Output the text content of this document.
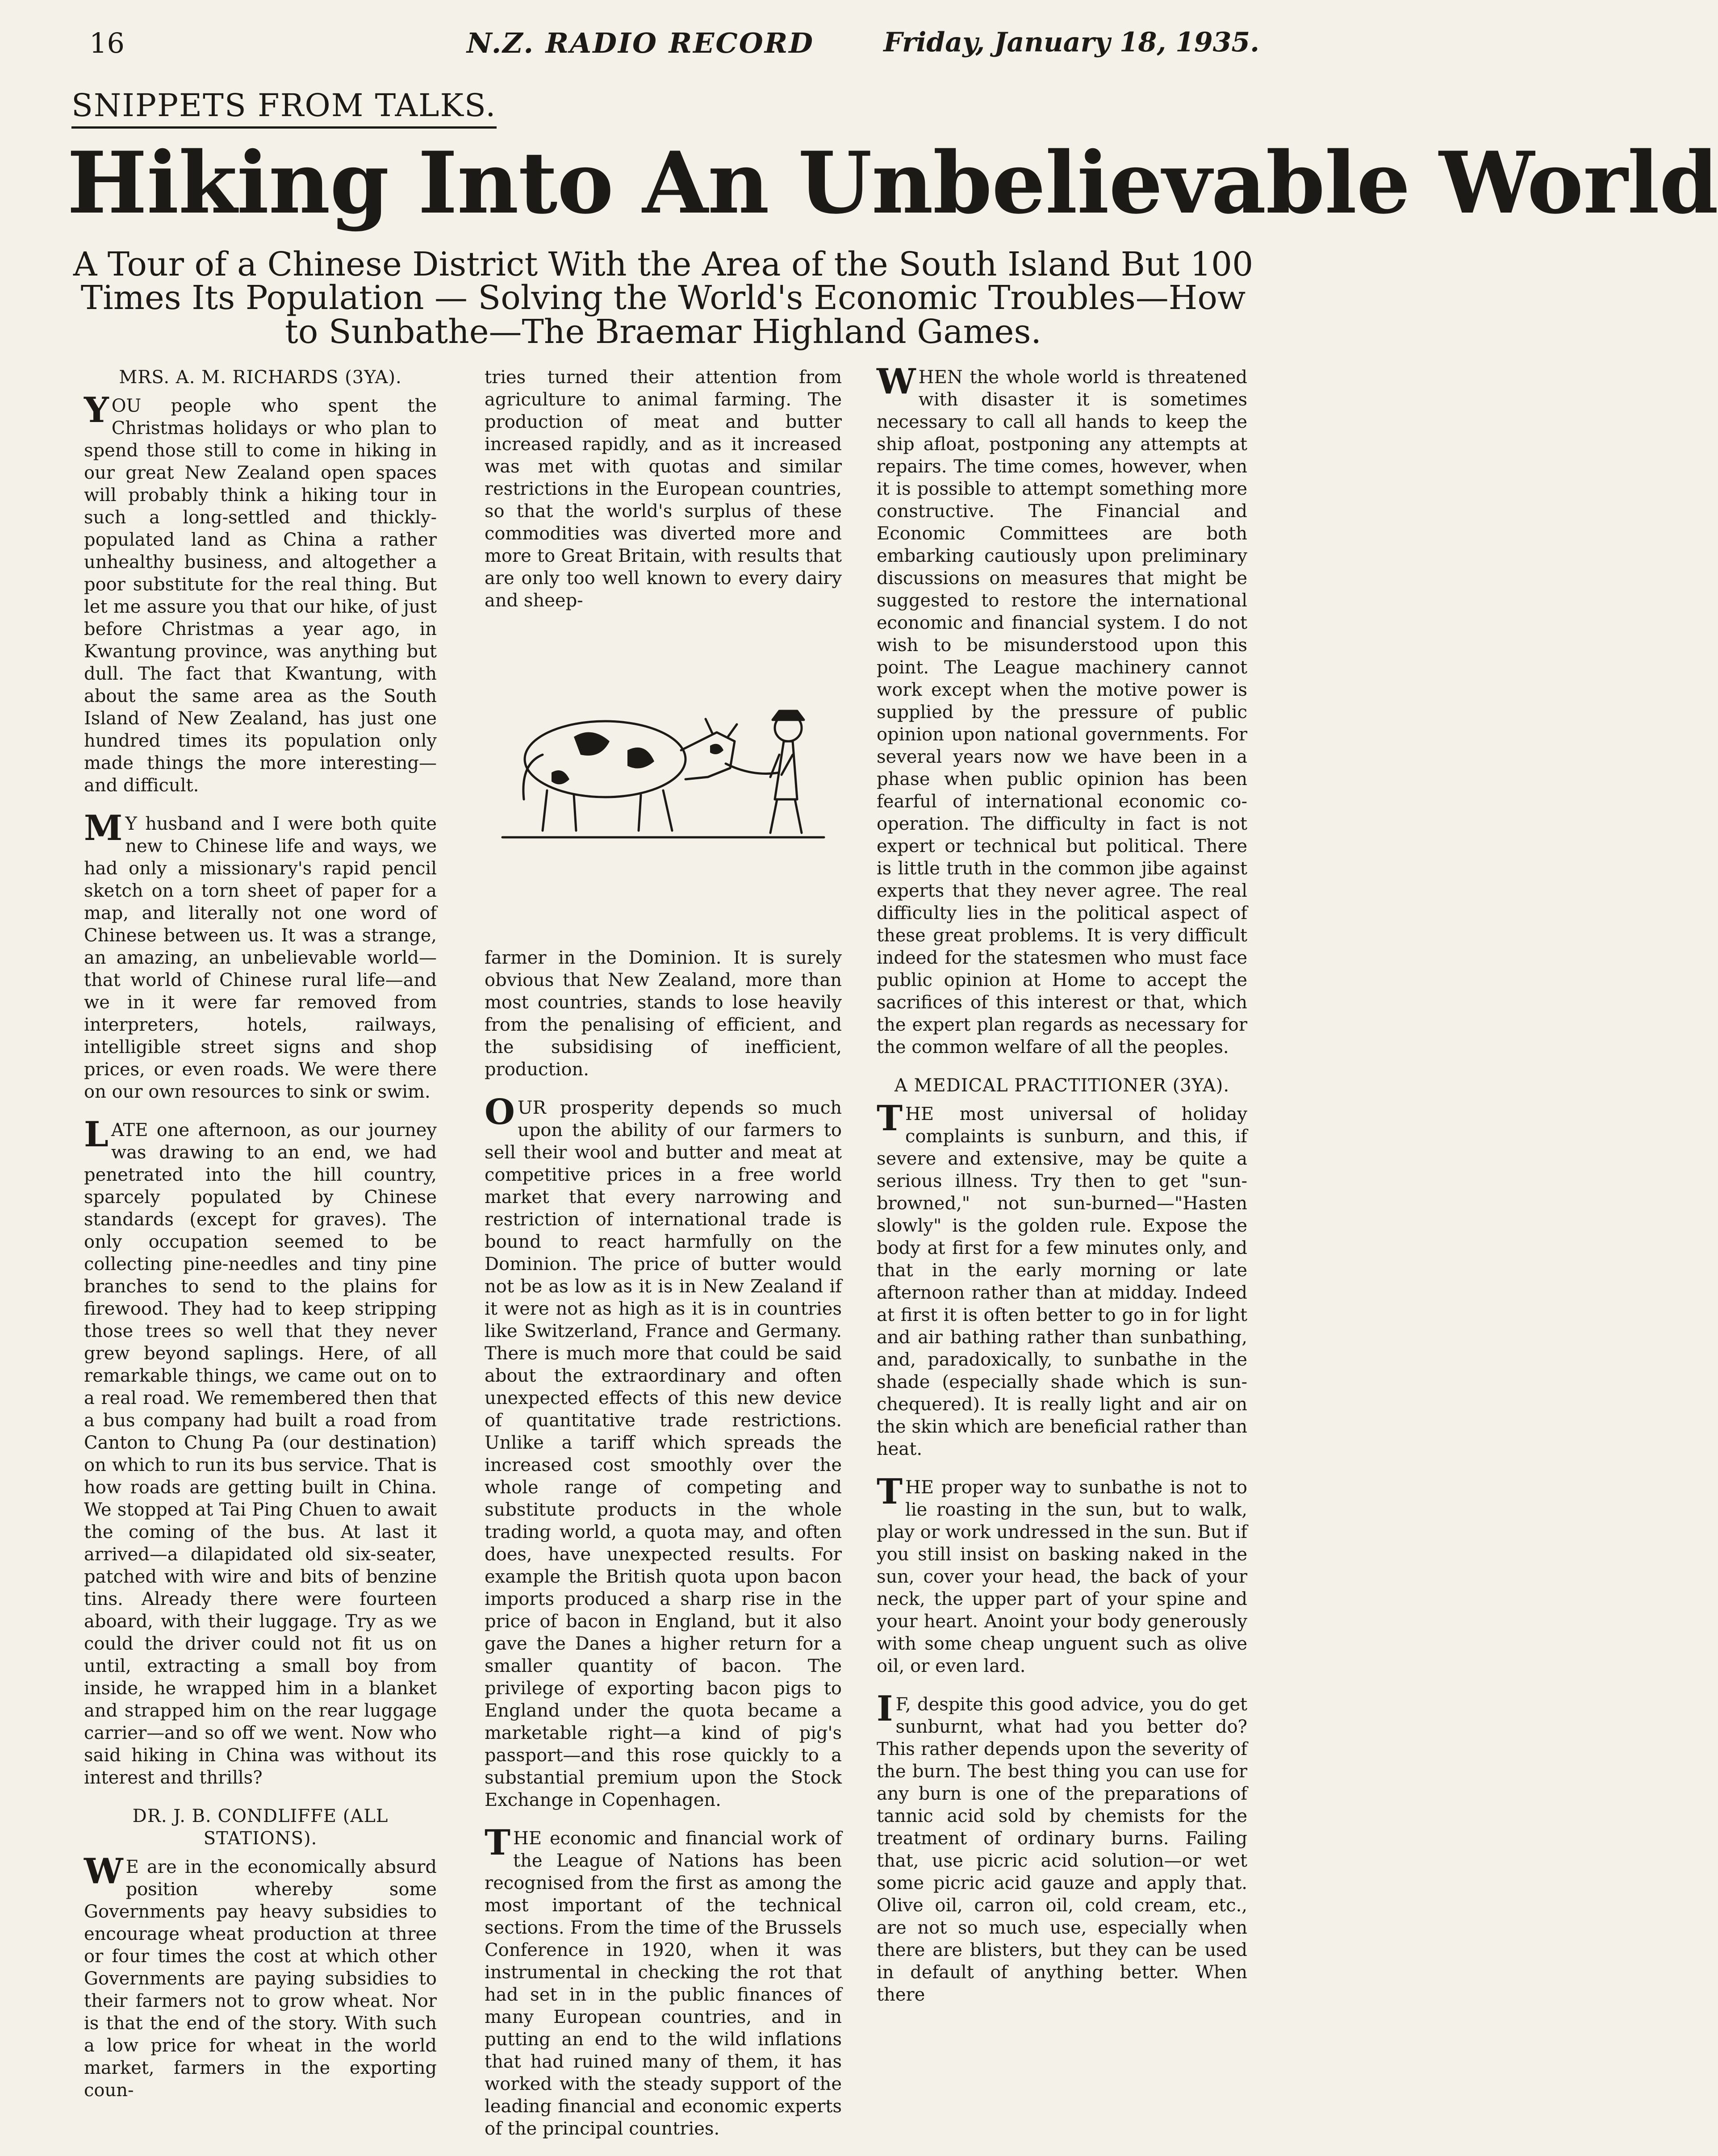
16	N.Z. RADIO RECORD	Friday, January 18, 1935.
SNIPPETS FROM TALKS.
Hiking Into An Unbelievable World
A Tour of a Chinese District With the Area of the South Island But 100 Times Its Population — Solving the World's Economic Troubles—How to Sunbathe—The Braemar Highland Games.
MRS. A. M. RICHARDS (3YA).

YOU people who spent the Christmas holidays or who plan to spend those still to come in hiking in our great New Zealand open spaces will probably think a hiking tour in such a long-settled and thickly-populated land as China a rather unhealthy business, and altogether a poor substitute for the real thing. But let me assure you that our hike, of just before Christmas a year ago, in Kwantung province, was anything but dull. The fact that Kwantung, with about the same area as the South Island of New Zealand, has just one hundred times its population only made things the more interesting—and difficult.

M Y husband and I were both quite new to Chinese life and ways, we had only a missionary's rapid pencil sketch on a torn sheet of paper for a map, and literally not one word of Chinese between us. It was a strange, an amazing, an unbelievable world—that world of Chinese rural life—and we in it were far removed from interpreters, hotels, railways, intelligible street signs and shop prices, or even roads. We were there on our own resources to sink or swim.

LATE one afternoon, as our journey was drawing to an end, we had penetrated into the hill country, sparcely populated by Chinese standards (except for graves). The only occupation seemed to be collecting pine-needles and tiny pine branches to send to the plains for firewood. They had to keep stripping those trees so well that they never grew beyond saplings. Here, of all remarkable things, we came out on to a real road. We remembered then that a bus company had built a road from Canton to Chung Pa (our destination) on which to run its bus service. That is how roads are getting built in China. We stopped at Tai Ping Chuen to await the coming of the bus. At last it arrived—a dilapidated old six-seater, patched with wire and bits of benzine tins. Already there were fourteen aboard, with their luggage. Try as we could the driver could not fit us on until, extracting a small boy from inside, he wrapped him in a blanket and strapped him on the rear luggage carrier—and so off we went. Now who said hiking in China was without its interest and thrills?

DR. J. B. CONDLIFFE (ALL STATIONS).

W E are in the economically absurd position whereby some Governments pay heavy subsidies to encourage wheat production at three or four times the cost at which other Governments are paying subsidies to their farmers not to grow wheat. Nor is that the end of the story. With such a low price for wheat in the world market, farmers in the exporting coun-

tries turned their attention from agriculture to animal farming. The production of meat and butter increased rapidly, and as it increased was met with quotas and similar restrictions in the European countries, so that the world's surplus of these commodities was diverted more and more to Great Britain, with results that are only too well known to every dairy and sheep-

farmer in the Dominion. It is surely obvious that New Zealand, more than most countries, stands to lose heavily from the penalising of efficient, and the subsidising of inefficient, production.

OUR prosperity depends so much upon the ability of our farmers to sell their wool and butter and meat at competitive prices in a free world market that every narrowing and restriction of international trade is bound to react harmfully on the Dominion. The price of butter would not be as low as it is in New Zealand if it were not as high as it is in countries like Switzerland, France and Germany. There is much more that could be said about the extraordinary and often unexpected effects of this new device of quantitative trade restrictions. Unlike a tariff which spreads the increased cost smoothly over the whole range of competing and substitute products in the whole trading world, a quota may, and often does, have unexpected results. For example the British quota upon bacon imports produced a sharp rise in the price of bacon in England, but it also gave the Danes a higher return for a smaller quantity of bacon. The privilege of exporting bacon pigs to England under the quota became a marketable right—a kind of pig's passport—and this rose quickly to a substantial premium upon the Stock Exchange in Copenhagen.

THE economic and financial work of the League of Nations has been recognised from the first as among the most important of the technical sections. From the time of the Brussels Conference in 1920, when it was instrumental in checking the rot that had set in in the public finances of many European countries, and in putting an end to the wild inflations that had ruined many of them, it has worked with the steady support of the leading financial and economic experts of the principal countries.

WHEN the whole world is threatened with disaster it is sometimes necessary to call all hands to keep the ship afloat, postponing any attempts at repairs. The time comes, however, when it is possible to attempt something more constructive. The Financial and Economic Committees are both embarking cautiously upon preliminary discussions on measures that might be suggested to restore the international economic and financial system. I do not wish to be misunderstood upon this point. The League machinery cannot work except when the motive power is supplied by the pressure of public opinion upon national governments. For several years now we have been in a phase when public opinion has been fearful of international economic co-operation. The difficulty in fact is not expert or technical but political. There is little truth in the common jibe against experts that they never agree. The real difficulty lies in the political aspect of these great problems. It is very difficult indeed for the statesmen who must face public opinion at Home to accept the sacrifices of this interest or that, which the expert plan regards as necessary for the common welfare of all the peoples.

A MEDICAL PRACTITIONER (3YA).

THE most universal of holiday complaints is sunburn, and this, if severe and extensive, may be quite a serious illness. Try then to get "sun-browned," not sun-burned—"Hasten slowly" is the golden rule. Expose the body at first for a few minutes only, and that in the early morning or late afternoon rather than at midday. Indeed at first it is often better to go in for light and air bathing rather than sunbathing, and, paradoxically, to sunbathe in the shade (especially shade which is sun-chequered). It is really light and air on the skin which are beneficial rather than heat.

THE proper way to sunbathe is not to lie roasting in the sun, but to walk, play or work undressed in the sun. But if you still insist on basking naked in the sun, cover your head, the back of your neck, the upper part of your spine and your heart. Anoint your body generously with some cheap unguent such as olive oil, or even lard.

I F, despite this good advice, you do get sunburnt, what had you better do? This rather depends upon the severity of the burn. The best thing you can use for any burn is one of the preparations of tannic acid sold by chemists for the treatment of ordinary burns. Failing that, use picric acid solution—or wet some picric acid gauze and apply that. Olive oil, carron oil, cold cream, etc., are not so much use, especially when there are blisters, but they can be used in default of anything better. When there
